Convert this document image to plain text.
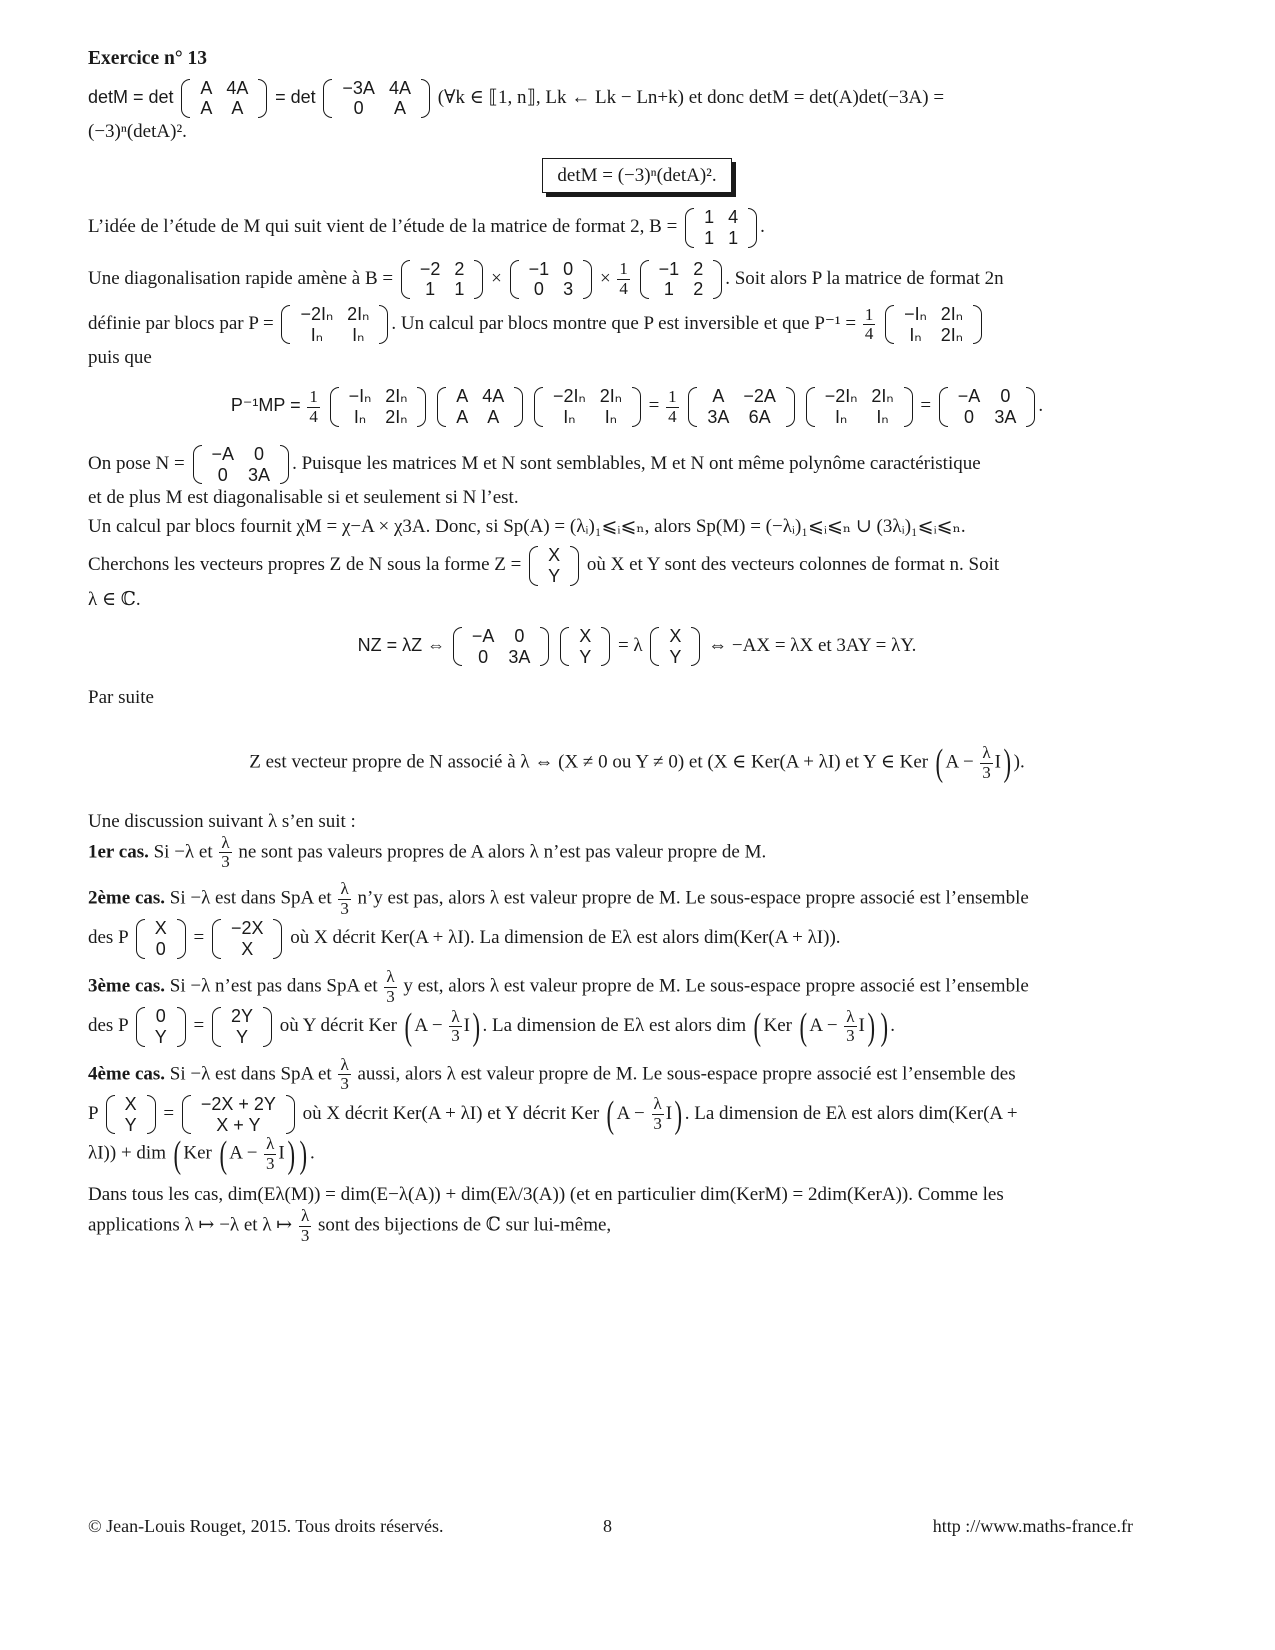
Exercice n° 13

detM = det A	4A
A	A
= det −3A	4A
0	A
(∀k ∈ ⟦1, n⟧, Lk ← Lk − Ln+k) et donc detM = det(A)det(−3A) =
(−3)ⁿ(detA)².

detM = (−3)ⁿ(detA)².

L’idée de l’étude de M qui suit vient de l’étude de la matrice de format 2, B = 1	4
1	1
.

Une diagonalisation rapide amène à B = −2	2
1	1
× −1	0
0	3
× $\frac{1}{4}$
−1	2
1	2
. Soit alors P la matrice de format 2n

définie par blocs par P = −2Iₙ	2Iₙ
Iₙ	Iₙ
. Un calcul par blocs montre que P est inversible et que $P^{-1} = \frac{1}{4}$
−Iₙ	2Iₙ
Iₙ	2Iₙ

puis que

$P^{-1}MP = \frac{1}{4}$
−Iₙ	2Iₙ
Iₙ	2Iₙ

A	4A
A	A

−2Iₙ	2Iₙ
Iₙ	Iₙ
= $\frac{1}{4}$
A	−2A
3A	6A

−2Iₙ	2Iₙ
Iₙ	Iₙ
= −A	0
0	3A
.

On pose N = −A	0
0	3A
. Puisque les matrices M et N sont semblables, M et N ont même polynôme caractéristique
et de plus M est diagonalisable si et seulement si N l’est.

Un calcul par blocs fournit χM = χ−A × χ3A. Donc, si Sp(A) = (λᵢ)₁⩽ᵢ⩽ₙ, alors Sp(M) = (−λᵢ)₁⩽ᵢ⩽ₙ ∪ (3λᵢ)₁⩽ᵢ⩽ₙ.

Cherchons les vecteurs propres Z de N sous la forme Z = X
Y
où X et Y sont des vecteurs colonnes de format n. Soit
λ ∈ ℂ.

NZ = λZ ⇔ −A	0
0	3A

X
Y
= λ X
Y
⇔ −AX = λX et 3AY = λY.

Par suite

Z est vecteur propre de N associé à λ ⇔ (X ≠ 0 ou Y ≠ 0) et (X ∈ Ker(A + λI) et Y ∈ Ker ( $A - \frac{\lambda}{3} I$) ).

Une discussion suivant λ s’en suit :

1er cas. Si −λ et $\frac{\lambda}{3}$ ne sont pas valeurs propres de A alors λ n’est pas valeur propre de M.

2ème cas. Si −λ est dans SpA et $\frac{\lambda}{3}$ n’y est pas, alors λ est valeur propre de M. Le sous-espace propre associé est l’ensemble
des P X
0
= −2X
X
où X décrit Ker(A + λI). La dimension de Eλ est alors dim(Ker(A + λI)).

3ème cas. Si −λ n’est pas dans SpA et $\frac{\lambda}{3}$ y est, alors λ est valeur propre de M. Le sous-espace propre associé est l’ensemble
des P 0
Y
= 2Y
Y
où Y décrit Ker ( $A - \frac{\lambda}{3} I$) . La dimension de Eλ est alors dim ( Ker ( $A - \frac{\lambda}{3} I$) ) .

4ème cas. Si −λ est dans SpA et $\frac{\lambda}{3}$ aussi, alors λ est valeur propre de M. Le sous-espace propre associé est l’ensemble des
P X
Y
= −2X + 2Y
X + Y
où X décrit Ker(A + λI) et Y décrit Ker ( $A - \frac{\lambda}{3} I$) . La dimension de Eλ est alors dim(Ker(A +
λI)) + dim ( Ker ( $A - \frac{\lambda}{3} I$) ) .

Dans tous les cas, dim(Eλ(M)) = dim(E−λ(A)) + dim(Eλ/3(A)) (et en particulier dim(KerM) = 2dim(KerA)). Comme les
applications λ ↦ −λ et λ ↦ $\frac{\lambda}{3}$ sont des bijections de ℂ sur lui-même,

© Jean-Louis Rouget, 2015. Tous droits réservés.	8	http ://www.maths-france.fr
